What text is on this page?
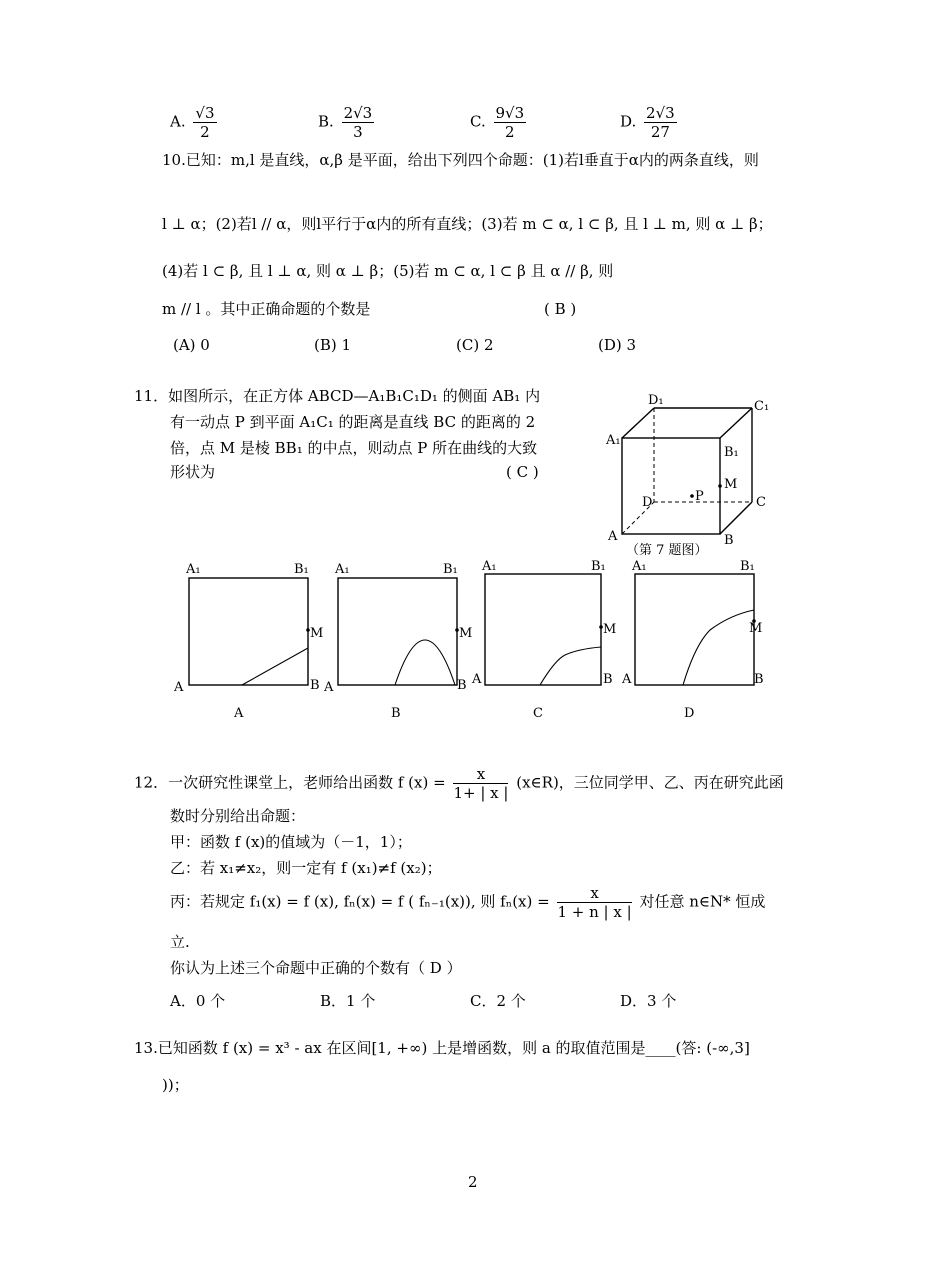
A. $\frac{√3}{2}$	B. $\frac{2√3}{3}$	C. $\frac{9√3}{2}$	D. $\frac{2√3}{27}$
10.已知：m,l 是直线，α,β 是平面，给出下列四个命题：(1)若l垂直于α内的两条直线，则
l ⊥ α；(2)若l // α，则l平行于α内的所有直线；(3)若 m ⊂ α, l ⊂ β, 且 l ⊥ m, 则 α ⊥ β；
(4)若 l ⊂ β, 且 l ⊥ α, 则 α ⊥ β；(5)若 m ⊂ α, l ⊂ β 且 α // β, 则
m // l 。其中正确命题的个数是	( B )
(A) 0	(B) 1	(C) 2	(D) 3
11．如图所示，在正方体 ABCD—A₁B₁C₁D₁ 的侧面 AB₁ 内
有一动点 P 到平面 A₁C₁ 的距离是直线 BC 的距离的 2
倍，点 M 是棱 BB₁ 的中点，则动点 P 所在曲线的大致
形状为	( C )
D₁	C₁
A₁
B₁
M
D	P	C
A	B
（第 7 题图）
A₁	B₁
M
A	B
A
A₁	B₁
M
A	B
B
A₁	B₁
M
A	B
C
A₁	B₁
M
A	B
D
12．一次研究性课堂上，老师给出函数 f $(x) = \frac{x}{1+ | x |}$ (x∈R)，三位同学甲、乙、丙在研究此函
数时分别给出命题：
甲：函数 f (x)的值域为（－1，1）；
乙：若 x₁≠x₂，则一定有 f (x₁)≠f (x₂)；
丙：若规定 f₁(x) = f (x), fₙ(x) = f ( fₙ₋₁(x)), 则 $f_n(x) = \frac{x}{1 + n | x |}$ 对任意 n∈N* 恒成
立.
你认为上述三个命题中正确的个数有（ D ）
A．0 个	B．1 个	C．2 个	D．3 个
13.已知函数 f (x) = x³ - ax 在区间[1, +∞) 上是增函数，则 a 的取值范围是____(答: (-∞,3]
))；
2
